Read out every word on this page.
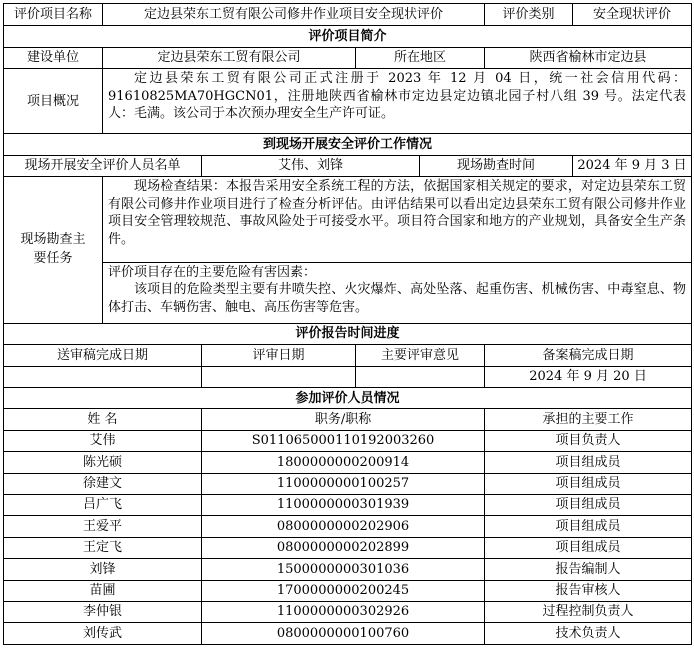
评价项目名称	定边县荣东工贸有限公司修井作业项目安全现状评价				评价类别	安全现状评价
评价项目简介						
建设单位	定边县荣东工贸有限公司		所在地区		陕西省榆林市定边县	
项目概况	定边县荣东工贸有限公司正式注册于 2023 年 12 月 04 日，统一社会信用代码：91610825MA70HGCN01，注册地陕西省榆林市定边县定边镇北园子村八组 39 号。法定代表人：毛满。该公司于本次预办理安全生产许可证。					
到现场开展安全评价工作情况						
现场开展安全评价人员名单		艾伟、刘锋		现场勘查时间		2024 年 9 月 3 日

现场勘查主
要任务	现场检查结果：本报告采用安全系统工程的方法，依据国家相关规定的要求，对定边县荣东工贸有限公司修井作业项目进行了检查分析评估。由评估结果可以看出定边县荣东工贸有限公司修井作业项目安全管理较规范、事故风险处于可接受水平。项目符合国家和地方的产业规划，具备安全生产条件。					

	评价项目存在的主要危险有害因素：
该项目的危险类型主要有井喷失控、火灾爆炸、高处坠落、起重伤害、机械伤害、中毒窒息、物体打击、车辆伤害、触电、高压伤害等危害。					

评价报告时间进度						
送审稿完成日期		评审日期	主要评审意见		备案稿完成日期	
					2024 年 9 月 20 日	
参加评价人员情况						
姓 名		职务/职称			承担的主要工作	
艾伟		S011065000110192003260			项目负责人	
陈光硕		1800000000200914			项目组成员	
徐建文		1100000000100257			项目组成员	
吕广飞		1100000000301939			项目组成员	
王爱平		0800000000202906			项目组成员	
王定飞		0800000000202899			项目组成员	
刘锋		1500000000301036			报告编制人	
苗圃		1700000000200245			报告审核人	
李仲银		1100000000302926			过程控制负责人	
刘传武		0800000000100760			技术负责人	
